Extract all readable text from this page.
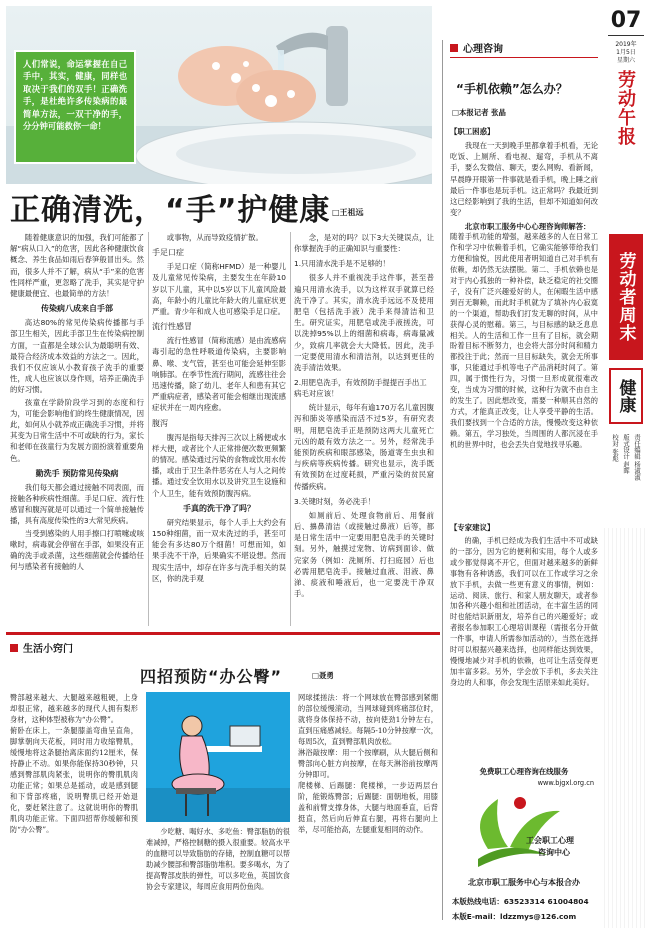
07
2019年
1月5日
星期六
劳动午报
劳动者周末
健康
责任编辑 杨淑淑
版式设计 赵晖
校对 张彪

人们常说，命运掌握在自己手中，其实，健康，同样也取决于我们的双手！正确洗手，是杜绝许多传染病的最简单方法，一双干净的手，分分钟可能救你一命！

正确清洗，“手”护健康 □王祖远

随着健康意识的加强，我们可能都了解“病从口入”的危害，因此各种健康饮食概念、养生食品如雨后春笋般冒出头。然而，很多人并不了解，病从“手”来的危害性同样严重，更忽略了洗手，其实是守护健康最便宜、也最简单的方法！

传染病八成来自手部

高达80%的常见传染病传播都与手部卫生相关，因此手部卫生在传染病控制方面，一直都是全球公认为最聪明有效、最符合经济成本效益的方法之一。因此，我们不仅应该从小教育孩子洗手的重要性，成人也应该以身作则，培养正确洗手的好习惯。

孩童在学龄阶段学习到的态度和行为，可能会影响他们的终生健康情况，因此，如何从小就养成正确洗手习惯，并将其变为日常生活中不可或缺的行为，家长和老师在孩童行为发展方面扮演着重要角色。

勤洗手 预防常见传染病

我们每天都会通过接触不同表面，而接触各种疾病性细菌。手足口症、流行性感冒和腹泻就是可以通过一个简单接触传播，具有高度传染性的3大常见疾病。

当受到感染的人用手擦口打喷嚏或咳嗽时，病毒就会停留在手部，如果没有正确的洗手或杀菌，这些细菌就会传播给任何与感染者有接触的人

或事物，从而导致疫情扩散。

手足口症

手足口症（简称HFMD）是一种婴儿及儿童常见传染病，主要发生在年龄10岁以下儿童，其中以5岁以下儿童风险最高，年龄小的儿童比年龄大的儿童症状更严重。青少年和成人也可感染手足口症。

流行性感冒

流行性感冒（简称流感）是由流感病毒引起的急性呼吸道传染病，主要影响鼻、喉、支气管，甚至也可能会延伸至影响肺部。在季节性流行期间，流感往往会迅速传播，除了幼儿、老年人和患有其它严重病症者，感染者可能会相继出现流感症状并在一周内痊愈。

腹泻

腹泻是指每天排泻三次以上稀便或水样大便，或者比个人正常排便次数更频繁的情况。感染通过污染的食物或饮用水传播，或由于卫生条件恶劣在人与人之间传播。通过安全饮用水以及讲究卫生设施和个人卫生，能有效预防腹泻病。

手真的洗干净了吗？

研究结果显示，每个人手上大约会有150种细菌，而一双未洗过的手，甚至可能会有多达80万个细菌！可想而知，如果手洗不干净，后果确实不堪设想。然而现实生活中，却存在许多与洗手相关的误区，你的洗手观

念，是对的吗？以下3大关键误点，让你掌握洗手的正确知识与重要性：

1.只用清水洗手是不足够的！

很多人并不重视洗手这件事，甚至普遍只用清水洗手，以为这样双手就算已经洗干净了。其实，清水洗手远远不及使用肥皂（包括洗手液）洗手来得清洁和卫生。研究证实，用肥皂或洗手液搓洗，可以洗掉95%以上的细菌和病毒，病毒量减少，致病几率就会大大降低。因此，洗手一定要使用清水和清洁剂，以达到更佳的洗手清洁效果。

2.用肥皂洗手，有效预防手提提百手出工病毛对应该！

统计显示，每年有逾170万名儿童因腹泻和肺炎等感染而活不过5岁，有研究表明，用肥皂洗手正是预防这两大儿童死亡元凶的最有效方法之一。另外，经常洗手能预防疾病和眼部感染，肠道寄生虫虫和与疾病等疾病传播。研究也显示，洗手既有效预防在过度耗损，严重污染的贫民窟传播疾病。

3.关键时刻，务必洗手！

如厕前后、处理食物前后、用餐前后、擤鼻清洁（或接触过鼻液）后等，都是日常生活中一定要用肥皂洗手的关键时刻。另外，触摸过宠物、访病到面诊、做完家务（例如：洗厕所、打扫庭园）后也必需用肥皂洗手。接触过血液、泪液、鼻涕、痰液和唾液后，也一定要洗干净双手。

心理咨询
“手机依赖”怎么办？
□本报记者 张晶
【职工困惑】

我现在一天到晚手里都拿着手机看，无论吃饭、上厕所、看电视、遛弯，手机从不离手，要么发微信、聊天，要么网购、看新闻，早晨睁开眼第一件事就是看手机，晚上睡之前最后一件事也是玩手机。这正常吗？我最近到这已经影响到了我的生活，但却不知道如何改变？

北京市职工服务中心心理咨询师解答：

随着手机功能的增强，越来越多的人在日常工作和学习中依赖着手机，它确实能够带给我们方便和愉悦，因此使用者明知道自己对手机有依赖，却仍然无法摆脱。第二、手机依赖也是对于内心孤独的一种补偿，缺乏稳定的社交圈子，没有广泛兴趣爱好的人，在闲暇生活中感到百无聊赖，而此时手机就为了填补内心寂寞的一个渠道，帮助我们打发无聊的时间，从中获得心灵的慰藉。第三，与目标感的缺乏息息相关。人的生活和工作一旦有了目标，就会期盼着目标不断努力，也会将大部分时间和精力都投注于此；然而一旦目标缺失，就会无所事事，只能通过手机等电子产品消耗时间了。第四，属于惯性行为，习惯一旦形成就很难改变，当成为习惯的时候，这种行为就不由自主的发生了。因此想改变，需要一种顺其自然的方式，才能真正改变，让人享受平静的生活。我们要找到一个合适的方法，慢慢改变这种依赖。第五，学习独处，当周围的人都沉浸在手机的世界中时，也会丢失自觉地找寻乐趣。
【专家建议】
的确，手机已经成为我们生活中不可或缺的一部分，因为它的便利和实用，每个人或多或少都觉得离不开它，但面对越来越多的新鲜事物有各种诱惑，我们可以在工作或学习之余放下手机，去做一些更有意义的事情，例如：运动、阅读、旅行、和家人朋友聊天，或者参加各种兴趣小组和社团活动，在丰富生活的同时也能结识新朋友，培养自己的兴趣爱好；或者报名参加职工心理培训课程（需报名分开做一件事，申请人所需参加活动的），当然在选择时可以根据兴趣来选择，也同样能达到效果，慢慢地减少对手机的依赖，也可让生活变得更加丰富多彩。另外，学会放下手机，多去关注身边的人和事，你会发现生活原来如此美好。
生活小窍门
四招预防“办公臀”	□聂勇
臀部越来越大、大腿越来越粗硬，上身却很正常，越来越多的现代人拥有梨形身材，这种体型被称为“办公臀”。
俯卧在床上，一条腿膝盖弯曲呈直角，脚掌朝向天花板，同时用力收缩臀肌，缓慢地将这条腿抬离床面约12厘米，保持静止不动。如果你能保持30秒钟，只感到臀部肌肉紧张，说明你的臀肌肌肉功能正常；如果总是摇动，或是感到腿和下背部疼痛，说明臀肌已经开始退化，要赶紧注意了。这就说明你的臀肌肌肉功能正常。下面四招帮你缓解和预防“办公臀”。	少吃糖、喝好水、多吃鱼：臀部脂肪的很难减掉，严格控制糖的摄入很重要。较高水平的血糖可以导致脂肪的存储，控制血糖可以帮助减少腰部和臀部脂肪堆积。要多喝水，为了提高臀部皮肤的弹性，可以多吃鱼，英国饮食协会专家建议，每周应食用两份鱼肉。
网球揉搓法：将一个网球放在臀部感到紧绷的部位缓慢滚动，当网球碰到疼痛部位时，就将身体保持不动，按向使劲1分钟左右，直到压痛感减轻。每隔5-10分钟按摩一次，每周5次，直到臀部肌肉放松。
淋浴敲按摩：用一个按摩刷，从大腿后侧和臀部向心脏方向按摩，在每天淋浴前按摩两分钟即可。
爬楼梯、后踢腿：爬楼梯，一步迈两层台阶，能锻炼臀部；后踢腿：面朝地板，用膝盖和前臂支撑身体，大腿与地面垂直，后背挺直，然后向后伸直右腿，再将右腿向上举，尽可能抬高，左腿重复相同的动作。
免费职工心理咨询在线服务
www.bjgxl.org.cn
工会职工心理
咨询中心
北京市职工服务中心与本报合办
本版热线电话：63523314 61004804
本版E-mail：ldzzmys@126.com
